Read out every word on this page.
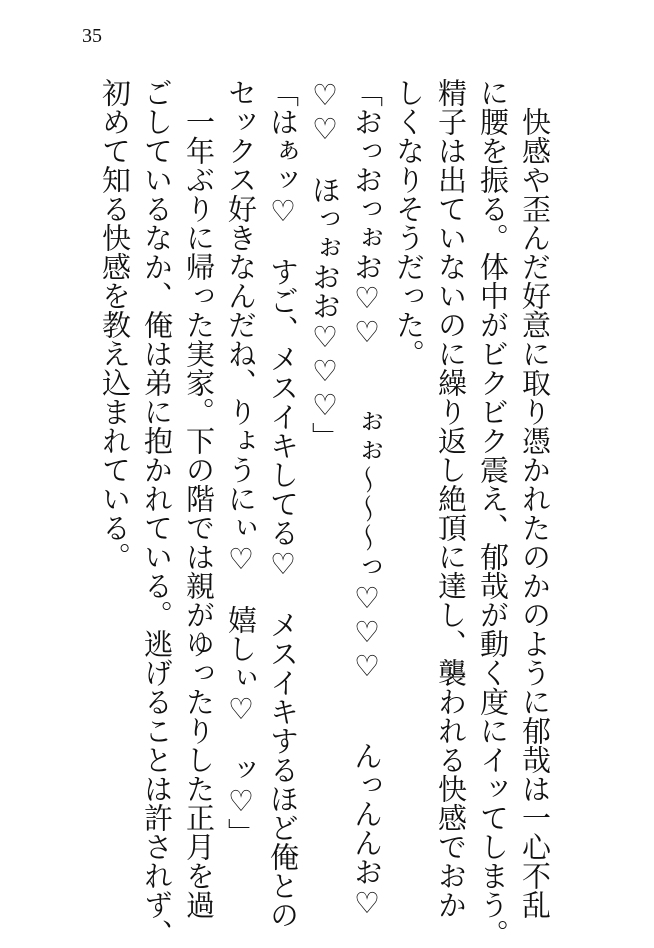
35

　快感や歪んだ好意に取り憑かれたのかのように郁哉は一心不乱

に腰を振る。体中がビクビク震え、郁哉が動く度にイッてしまう。

精子は出ていないのに繰り返し絶頂に達し、襲われる快感でおか

しくなりそうだった。

「おっおっぉお♡♡　　ぉぉ〜〜〜っ♡♡♡　　んっんんお♡

♡♡　ほっぉおお♡♡♡」

「はぁッ♡　すご、メスイキしてる♡　メスイキするほど俺との

セックス好きなんだね、りょうにぃ♡　嬉しぃ♡　ッ♡」

　一年ぶりに帰った実家。下の階では親がゆったりした正月を過

ごしているなか、俺は弟に抱かれている。逃げることは許されず、

初めて知る快感を教え込まれている。
